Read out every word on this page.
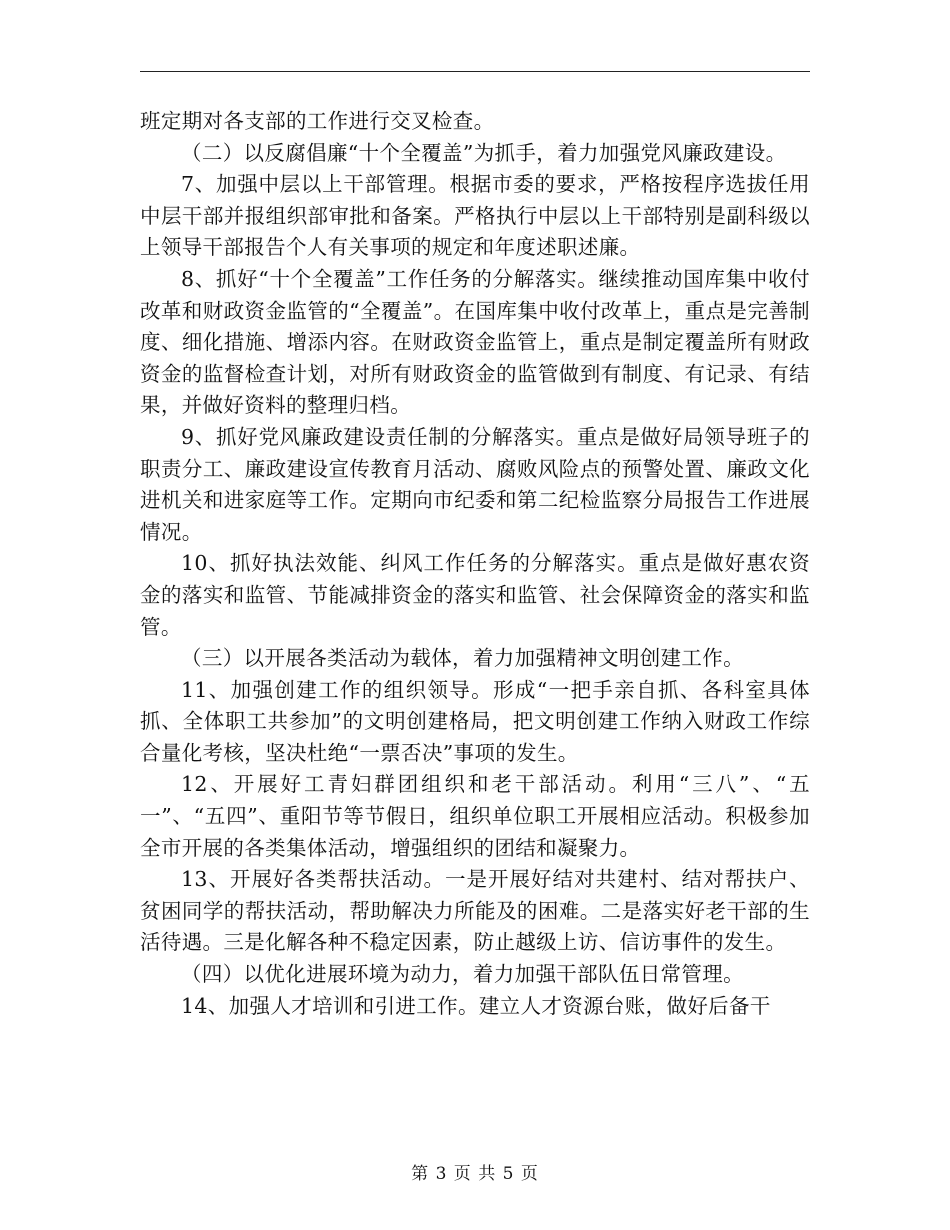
班定期对各支部的工作进行交叉检查。

（二）以反腐倡廉“十个全覆盖”为抓手，着力加强党风廉政建设。

7、加强中层以上干部管理。根据市委的要求，严格按程序选拔任用中层干部并报组织部审批和备案。严格执行中层以上干部特别是副科级以上领导干部报告个人有关事项的规定和年度述职述廉。

8、抓好“十个全覆盖”工作任务的分解落实。继续推动国库集中收付改革和财政资金监管的“全覆盖”。在国库集中收付改革上，重点是完善制度、细化措施、增添内容。在财政资金监管上，重点是制定覆盖所有财政资金的监督检查计划，对所有财政资金的监管做到有制度、有记录、有结果，并做好资料的整理归档。

9、抓好党风廉政建设责任制的分解落实。重点是做好局领导班子的职责分工、廉政建设宣传教育月活动、腐败风险点的预警处置、廉政文化进机关和进家庭等工作。定期向市纪委和第二纪检监察分局报告工作进展情况。

10、抓好执法效能、纠风工作任务的分解落实。重点是做好惠农资金的落实和监管、节能减排资金的落实和监管、社会保障资金的落实和监管。

（三）以开展各类活动为载体，着力加强精神文明创建工作。

11、加强创建工作的组织领导。形成“一把手亲自抓、各科室具体抓、全体职工共参加”的文明创建格局，把文明创建工作纳入财政工作综合量化考核，坚决杜绝“一票否决”事项的发生。

12、开展好工青妇群团组织和老干部活动。利用“三八”、“五一”、“五四”、重阳节等节假日，组织单位职工开展相应活动。积极参加全市开展的各类集体活动，增强组织的团结和凝聚力。

13、开展好各类帮扶活动。一是开展好结对共建村、结对帮扶户、贫困同学的帮扶活动，帮助解决力所能及的困难。二是落实好老干部的生活待遇。三是化解各种不稳定因素，防止越级上访、信访事件的发生。

（四）以优化进展环境为动力，着力加强干部队伍日常管理。

14、加强人才培训和引进工作。建立人才资源台账，做好后备干

第 3 页 共 5 页
